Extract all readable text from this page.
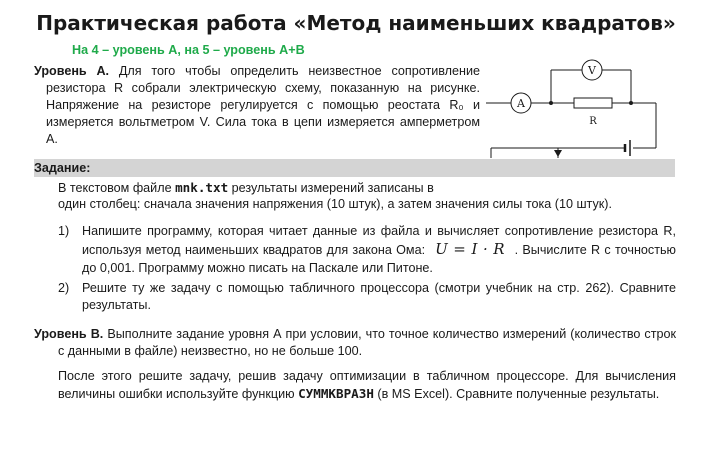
Практическая работа «Метод наименьших квадратов»
На 4 – уровень А, на 5 – уровень А+В
Уровень А. Для того чтобы определить неизвестное сопротивление резистора R собрали электрическую схему, показанную на рисунке. Напряжение на резисторе регулируется с помощью реостата R₀ и измеряется вольтметром V. Сила тока в цепи измеряется амперметром А.
V
A
R
Задание:
В текстовом файле mnk.txt результаты измерений записаны в
один столбец: сначала значения напряжения (10 штук), а затем значения силы тока (10 штук).
1) Напишите программу, которая читает данные из файла и вычисляет сопротивление резистора R, используя метод наименьших квадратов для закона Ома: U = I · R . Вычислите R с точностью до 0,001. Программу можно писать на Паскале или Питоне.
2) Решите ту же задачу с помощью табличного процессора (смотри учебник на стр. 262). Сравните результаты.
Уровень В. Выполните задание уровня А при условии, что точное количество измерений (количество строк с данными в файле) неизвестно, но не больше 100.
После этого решите задачу, решив задачу оптимизации в табличном процессоре. Для вычисления величины ошибки используйте функцию СУММКВРАЗН (в MS Excel). Сравните полученные результаты.
